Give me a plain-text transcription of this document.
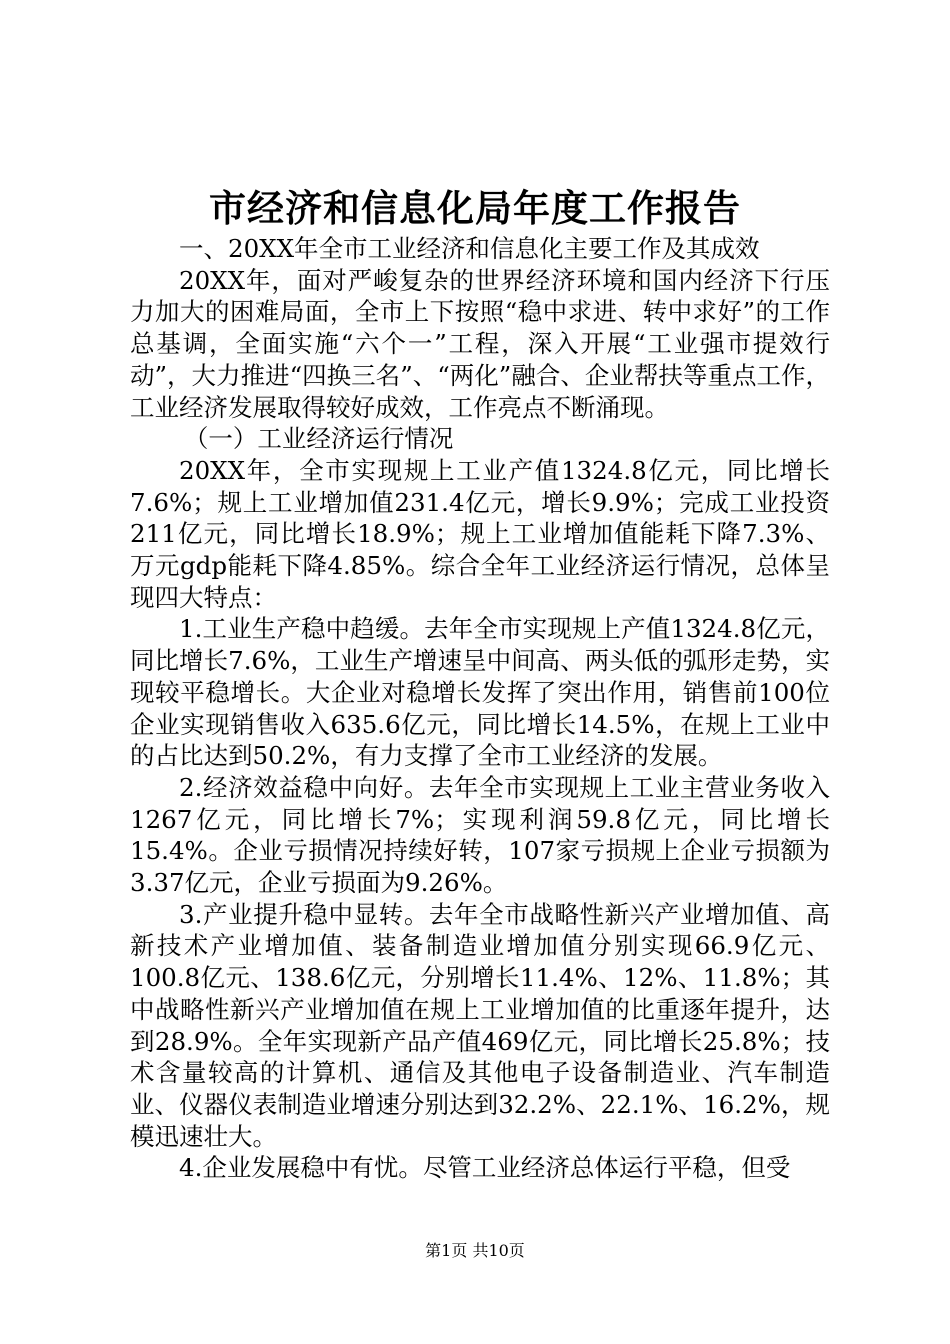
市经济和信息化局年度工作报告

一、20XX年全市工业经济和信息化主要工作及其成效

20XX年，面对严峻复杂的世界经济环境和国内经济下行压力加大的困难局面，全市上下按照“稳中求进、转中求好”的工作总基调，全面实施“六个一”工程，深入开展“工业强市提效行动”，大力推进“四换三名”、“两化”融合、企业帮扶等重点工作，工业经济发展取得较好成效，工作亮点不断涌现。

（一）工业经济运行情况

20XX年，全市实现规上工业产值1324.8亿元，同比增长7.6%；规上工业增加值231.4亿元，增长9.9%；完成工业投资211亿元，同比增长18.9%；规上工业增加值能耗下降7.3%、万元gdp能耗下降4.85%。综合全年工业经济运行情况，总体呈现四大特点：

1.工业生产稳中趋缓。去年全市实现规上产值1324.8亿元，同比增长7.6%，工业生产增速呈中间高、两头低的弧形走势，实现较平稳增长。大企业对稳增长发挥了突出作用，销售前100位企业实现销售收入635.6亿元，同比增长14.5%，在规上工业中的占比达到50.2%，有力支撑了全市工业经济的发展。

2.经济效益稳中向好。去年全市实现规上工业主营业务收入1267亿元，同比增长7%；实现利润59.8亿元，同比增长15.4%。企业亏损情况持续好转，107家亏损规上企业亏损额为3.37亿元，企业亏损面为9.26%。

3.产业提升稳中显转。去年全市战略性新兴产业增加值、高新技术产业增加值、装备制造业增加值分别实现66.9亿元、100.8亿元、138.6亿元，分别增长11.4%、12%、11.8%；其中战略性新兴产业增加值在规上工业增加值的比重逐年提升，达到28.9%。全年实现新产品产值469亿元，同比增长25.8%；技术含量较高的计算机、通信及其他电子设备制造业、汽车制造业、仪器仪表制造业增速分别达到32.2%、22.1%、16.2%，规模迅速壮大。

4.企业发展稳中有忧。尽管工业经济总体运行平稳，但受

第1页 共10页
